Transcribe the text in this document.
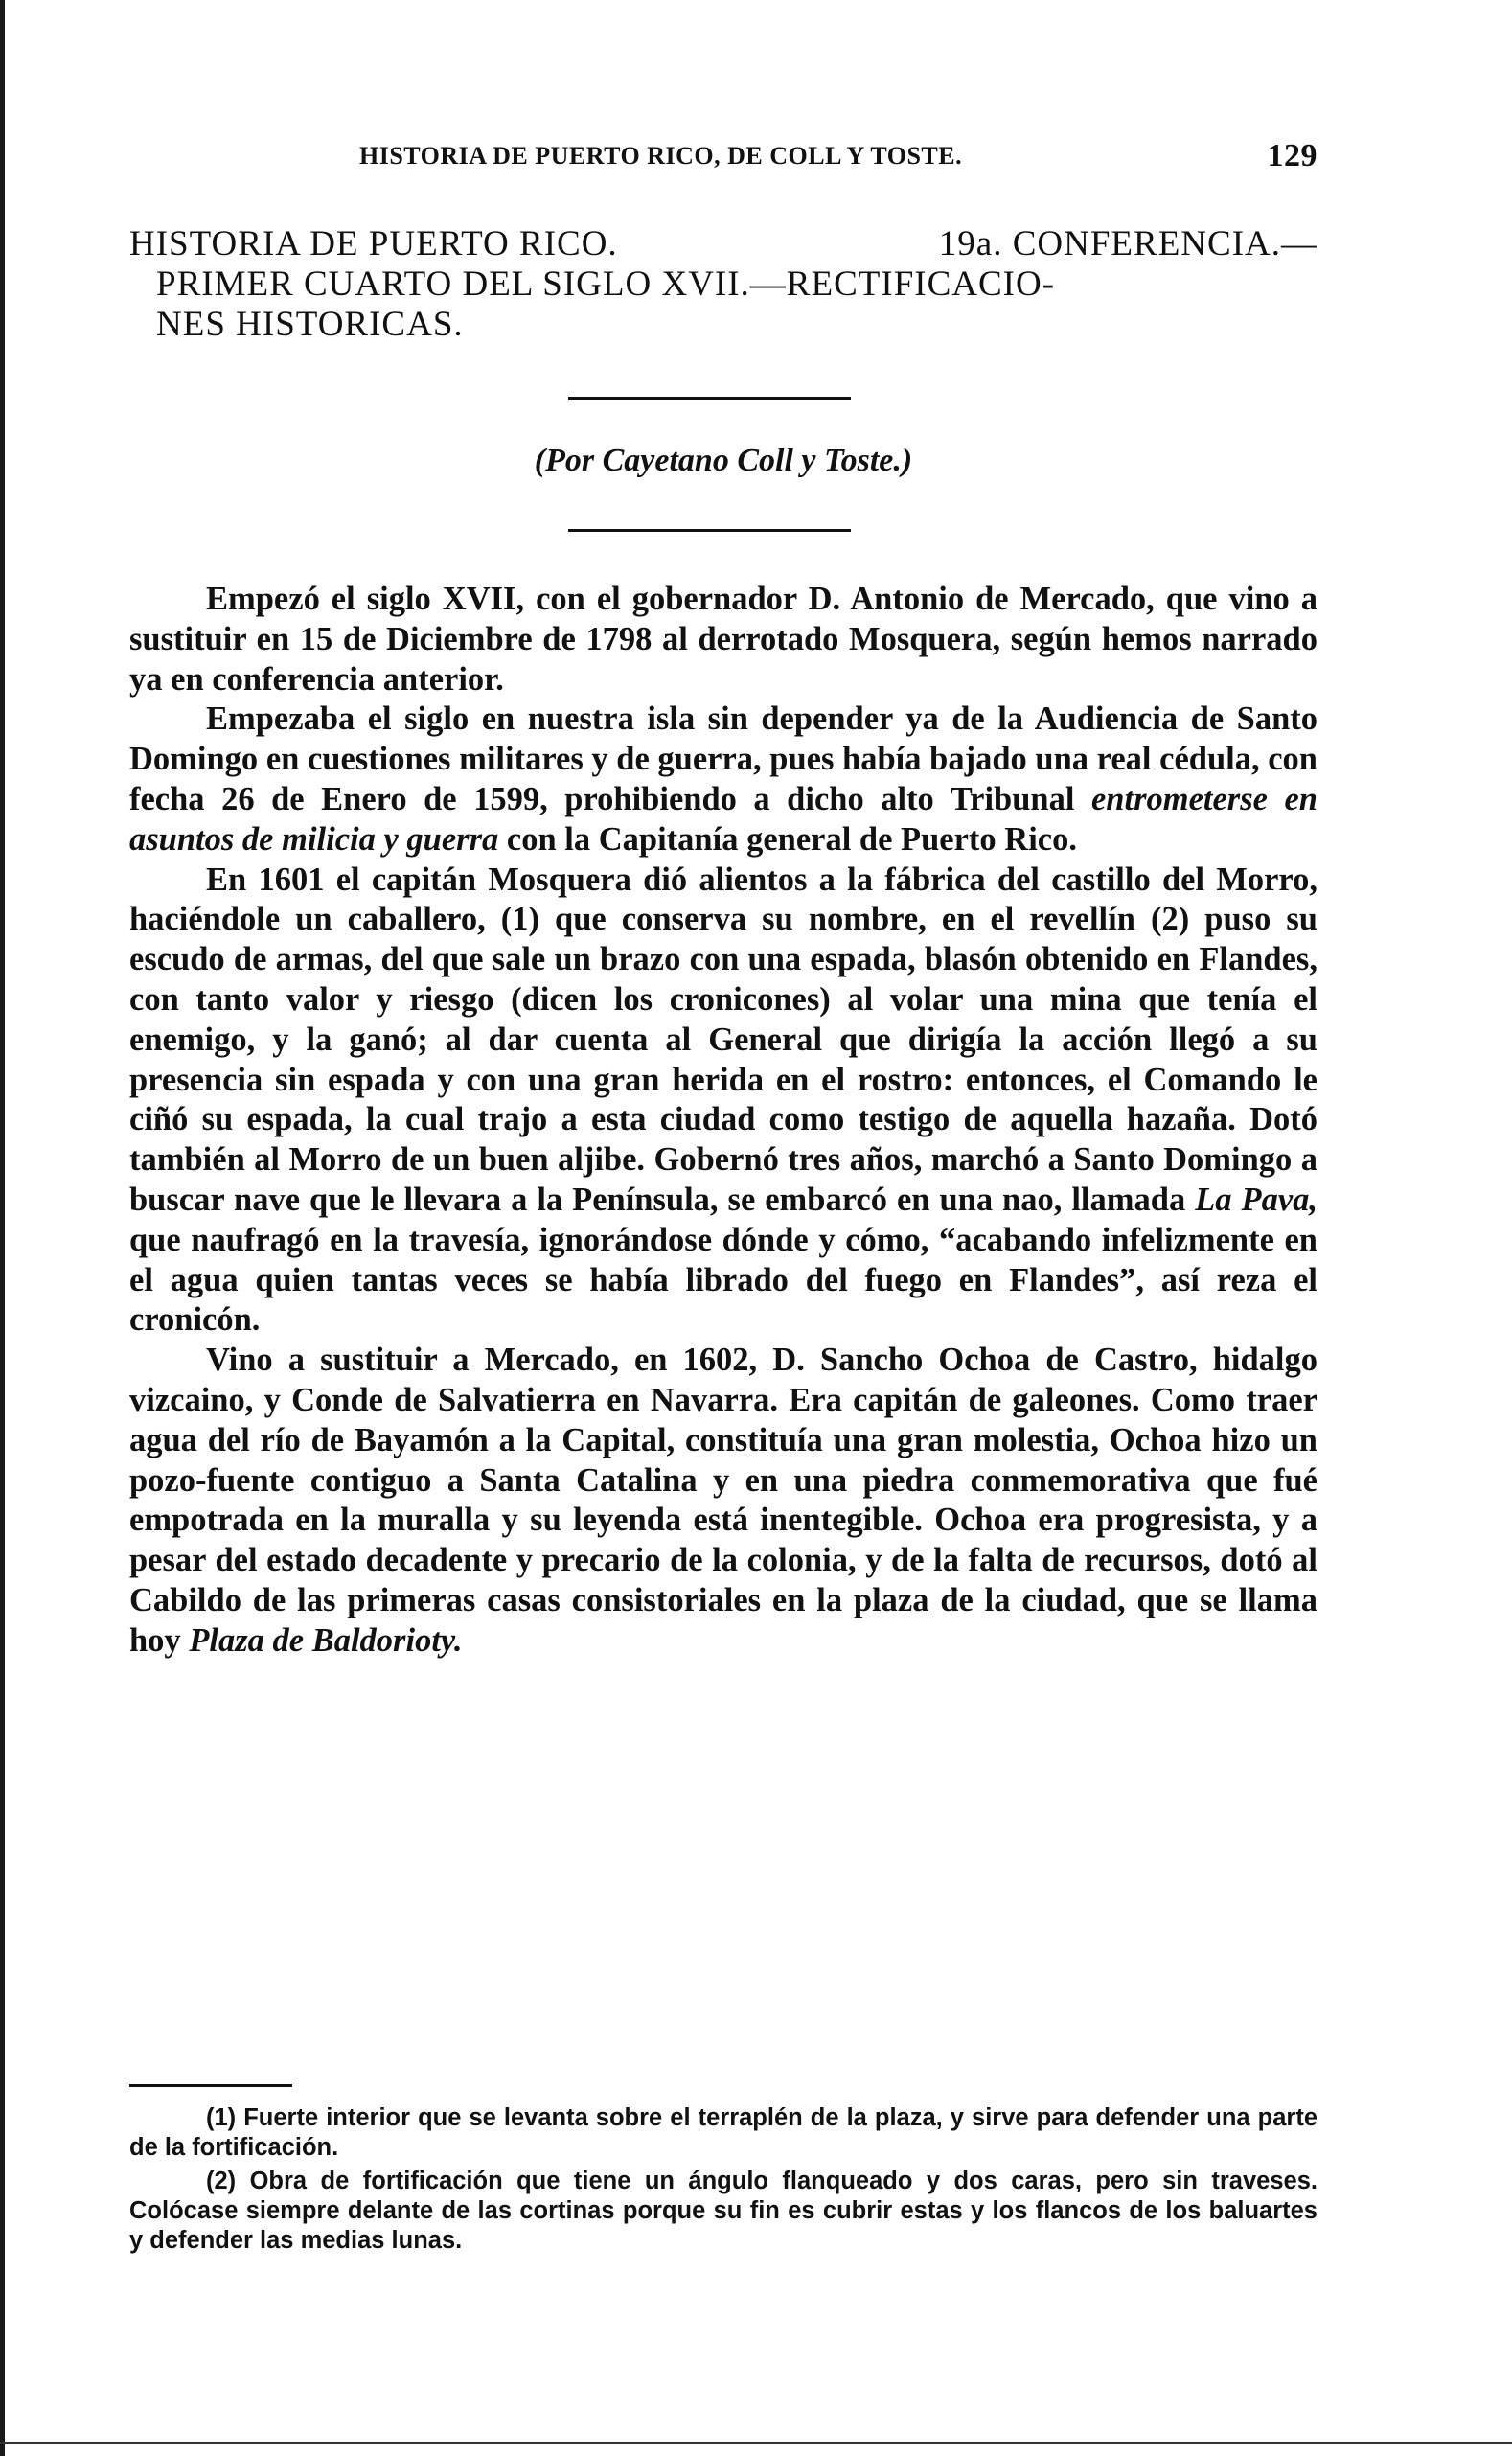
HISTORIA DE PUERTO RICO, DE COLL Y TOSTE.	129
HISTORIA DE PUERTO RICO.	19a. CONFERENCIA.—
PRIMER CUARTO DEL SIGLO XVII.—RECTIFICACIO-
NES HISTORICAS.
(Por Cayetano Coll y Toste.)

Empezó el siglo XVII, con el gobernador D. Antonio de Mercado, que vino a sustituir en 15 de Diciembre de 1798 al derrotado Mosquera, según hemos narrado ya en conferencia anterior.

Empezaba el siglo en nuestra isla sin depender ya de la Audiencia de Santo Domingo en cuestiones militares y de guerra, pues había bajado una real cédula, con fecha 26 de Enero de 1599, prohibiendo a dicho alto Tribunal entrometerse en asuntos de milicia y guerra con la Capitanía general de Puerto Rico.

En 1601 el capitán Mosquera dió alientos a la fábrica del castillo del Morro, haciéndole un caballero, (1) que conserva su nombre, en el revellín (2) puso su escudo de armas, del que sale un brazo con una espada, blasón obtenido en Flandes, con tanto valor y riesgo (dicen los cronicones) al volar una mina que tenía el enemigo, y la ganó; al dar cuenta al General que dirigía la acción llegó a su presencia sin espada y con una gran herida en el rostro: entonces, el Comando le ciñó su espada, la cual trajo a esta ciudad como testigo de aquella hazaña. Dotó también al Morro de un buen aljibe. Gobernó tres años, marchó a Santo Domingo a buscar nave que le llevara a la Península, se embarcó en una nao, llamada La Pava, que naufragó en la travesía, ignorándose dónde y cómo, “acabando infelizmente en el agua quien tantas veces se había librado del fuego en Flandes”, así reza el cronicón.

Vino a sustituir a Mercado, en 1602, D. Sancho Ochoa de Castro, hidalgo vizcaino, y Conde de Salvatierra en Navarra. Era capitán de galeones. Como traer agua del río de Bayamón a la Capital, constituía una gran molestia, Ochoa hizo un pozo-fuente contiguo a Santa Catalina y en una piedra conmemorativa que fué empotrada en la muralla y su leyenda está inentegible. Ochoa era progresista, y a pesar del estado decadente y precario de la colonia, y de la falta de recursos, dotó al Cabildo de las primeras casas consistoriales en la plaza de la ciudad, que se llama hoy Plaza de Baldorioty.

(1) Fuerte interior que se levanta sobre el terraplén de la plaza, y sirve para defender una parte de la fortificación.

(2) Obra de fortificación que tiene un ángulo flanqueado y dos caras, pero sin traveses. Colócase siempre delante de las cortinas porque su fin es cubrir estas y los flancos de los baluartes y defender las medias lunas.
